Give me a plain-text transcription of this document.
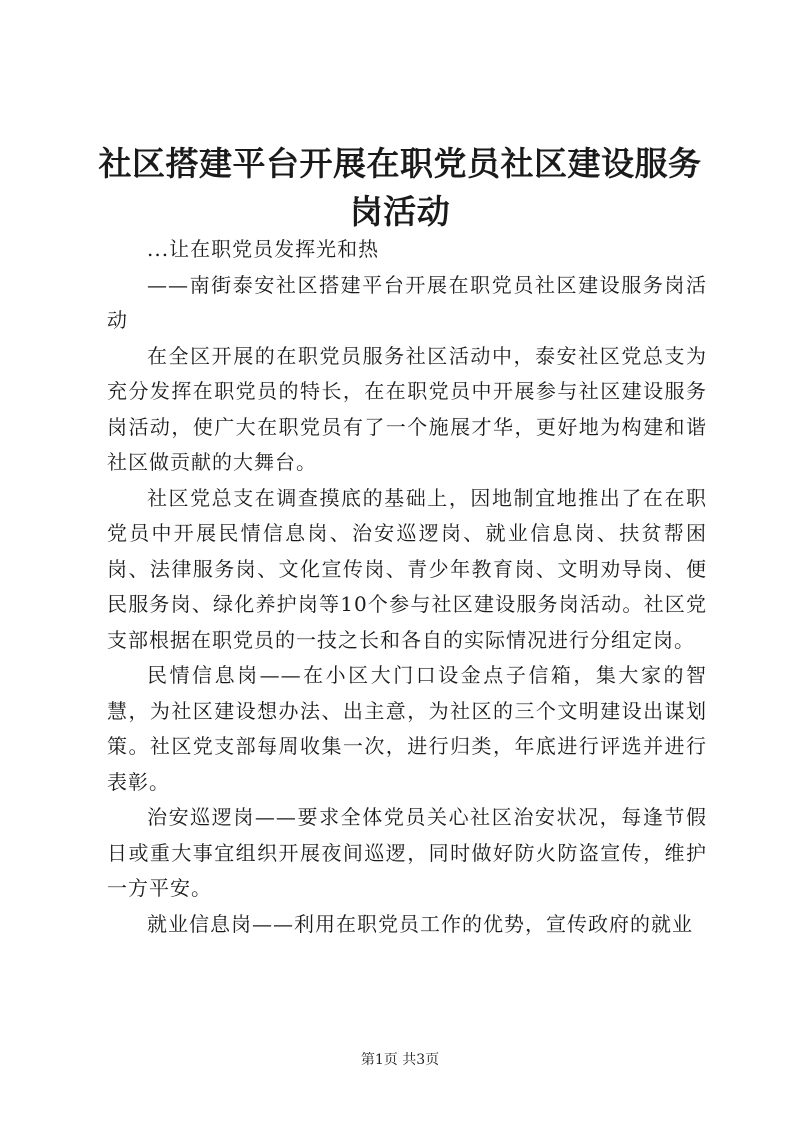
社区搭建平台开展在职党员社区建设服务岗活动

...让在职党员发挥光和热

——南街泰安社区搭建平台开展在职党员社区建设服务岗活动

在全区开展的在职党员服务社区活动中，泰安社区党总支为充分发挥在职党员的特长，在在职党员中开展参与社区建设服务岗活动，使广大在职党员有了一个施展才华，更好地为构建和谐社区做贡献的大舞台。

社区党总支在调查摸底的基础上，因地制宜地推出了在在职党员中开展民情信息岗、治安巡逻岗、就业信息岗、扶贫帮困岗、法律服务岗、文化宣传岗、青少年教育岗、文明劝导岗、便民服务岗、绿化养护岗等10个参与社区建设服务岗活动。社区党支部根据在职党员的一技之长和各自的实际情况进行分组定岗。

民情信息岗——在小区大门口设金点子信箱，集大家的智慧，为社区建设想办法、出主意，为社区的三个文明建设出谋划策。社区党支部每周收集一次，进行归类，年底进行评选并进行表彰。

治安巡逻岗——要求全体党员关心社区治安状况，每逢节假日或重大事宜组织开展夜间巡逻，同时做好防火防盗宣传，维护一方平安。

就业信息岗——利用在职党员工作的优势，宣传政府的就业

第1页 共3页
